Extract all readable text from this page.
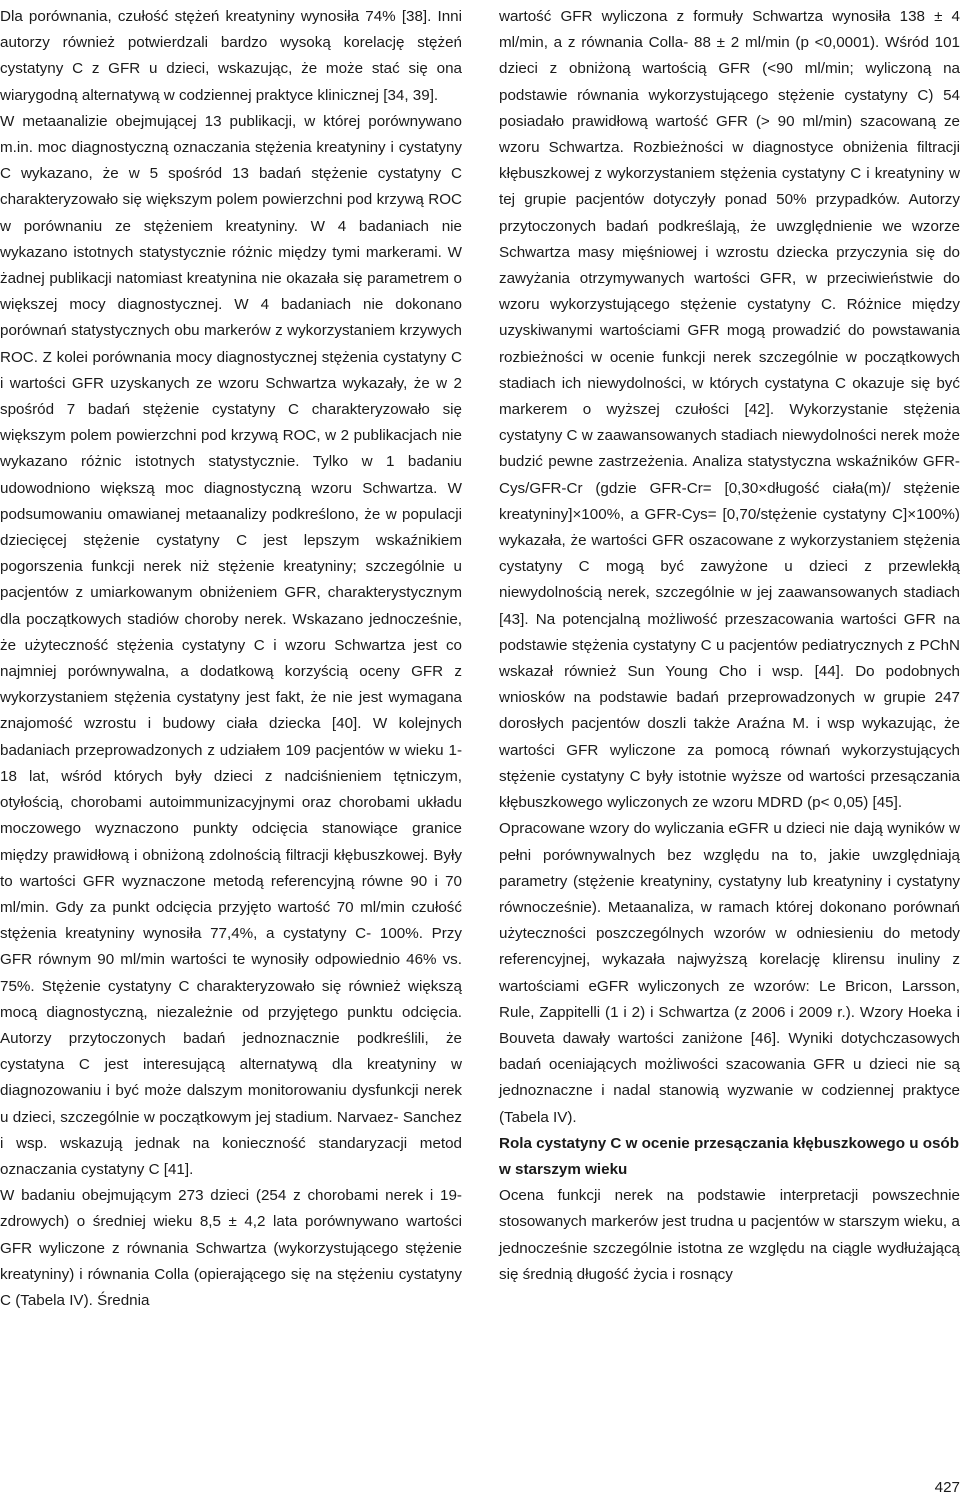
Dla porównania, czułość stężeń kreatyniny wynosiła 74% [38]. Inni autorzy również potwierdzali bardzo wysoką korelację stężeń cystatyny C z GFR u dzieci, wskazując, że może stać się ona wiarygodną alternatywą w codziennej praktyce klinicznej [34, 39].

W metaanalizie obejmującej 13 publikacji, w której porównywano m.in. moc diagnostyczną oznaczania stężenia kreatyniny i cystatyny C wykazano, że w 5 spośród 13 badań stężenie cystatyny C charakteryzowało się większym polem powierzchni pod krzywą ROC w porównaniu ze stężeniem kreatyniny. W 4 badaniach nie wykazano istotnych statystycznie różnic między tymi markerami. W żadnej publikacji natomiast kreatynina nie okazała się parametrem o większej mocy diagnostycznej. W 4 badaniach nie dokonano porównań statystycznych obu markerów z wykorzystaniem krzywych ROC. Z kolei porównania mocy diagnostycznej stężenia cystatyny C i wartości GFR uzyskanych ze wzoru Schwartza wykazały, że w 2 spośród 7 badań stężenie cystatyny C charakteryzowało się większym polem powierzchni pod krzywą ROC, w 2 publikacjach nie wykazano różnic istotnych statystycznie. Tylko w 1 badaniu udowodniono większą moc diagnostyczną wzoru Schwartza. W podsumowaniu omawianej metaanalizy podkreślono, że w populacji dziecięcej stężenie cystatyny C jest lepszym wskaźnikiem pogorszenia funkcji nerek niż stężenie kreatyniny; szczególnie u pacjentów z umiarkowanym obniżeniem GFR, charakterystycznym dla początkowych stadiów choroby nerek. Wskazano jednocześnie, że użyteczność stężenia cystatyny C i wzoru Schwartza jest co najmniej porównywalna, a dodatkową korzyścią oceny GFR z wykorzystaniem stężenia cystatyny jest fakt, że nie jest wymagana znajomość wzrostu i budowy ciała dziecka [40]. W kolejnych badaniach przeprowadzonych z udziałem 109 pacjentów w wieku 1- 18 lat, wśród których były dzieci z nadciśnieniem tętniczym, otyłością, chorobami autoimmunizacyjnymi oraz chorobami układu moczowego wyznaczono punkty odcięcia stanowiące granice między prawidłową i obniżoną zdolnością filtracji kłębuszkowej. Były to wartości GFR wyznaczone metodą referencyjną równe 90 i 70 ml/min. Gdy za punkt odcięcia przyjęto wartość 70 ml/min czułość stężenia kreatyniny wynosiła 77,4%, a cystatyny C- 100%. Przy GFR równym 90 ml/min wartości te wynosiły odpowiednio 46% vs. 75%. Stężenie cystatyny C charakteryzowało się również większą mocą diagnostyczną, niezależnie od przyjętego punktu odcięcia. Autorzy przytoczonych badań jednoznacznie podkreślili, że cystatyna C jest interesującą alternatywą dla kreatyniny w diagnozowaniu i być może dalszym monitorowaniu dysfunkcji nerek u dzieci, szczególnie w początkowym jej stadium. Narvaez- Sanchez i wsp. wskazują jednak na konieczność standaryzacji metod oznaczania cystatyny C [41].

W badaniu obejmującym 273 dzieci (254 z chorobami nerek i 19- zdrowych) o średniej wieku 8,5 ± 4,2 lata porównywano wartości GFR wyliczone z równania Schwartza (wykorzystującego stężenie kreatyniny) i równania Colla (opierającego się na stężeniu cystatyny C (Tabela IV). Średnia

wartość GFR wyliczona z formuły Schwartza wynosiła 138 ± 4 ml/min, a z równania Colla- 88 ± 2 ml/min (p <0,0001). Wśród 101 dzieci z obniżoną wartością GFR (<90 ml/min; wyliczoną na podstawie równania wykorzystującego stężenie cystatyny C) 54 posiadało prawidłową wartość GFR (> 90 ml/min) szacowaną ze wzoru Schwartza. Rozbieżności w diagnostyce obniżenia filtracji kłębuszkowej z wykorzystaniem stężenia cystatyny C i kreatyniny w tej grupie pacjentów dotyczyły ponad 50% przypadków. Autorzy przytoczonych badań podkreślają, że uwzględnienie we wzorze Schwartza masy mięśniowej i wzrostu dziecka przyczynia się do zawyżania otrzymywanych wartości GFR, w przeciwieństwie do wzoru wykorzystującego stężenie cystatyny C. Różnice między uzyskiwanymi wartościami GFR mogą prowadzić do powstawania rozbieżności w ocenie funkcji nerek szczególnie w początkowych stadiach ich niewydolności, w których cystatyna C okazuje się być markerem o wyższej czułości [42]. Wykorzystanie stężenia cystatyny C w zaawansowanych stadiach niewydolności nerek może budzić pewne zastrzeżenia. Analiza statystyczna wskaźników GFR-Cys/GFR-Cr (gdzie GFR-Cr= [0,30×długość ciała(m)/ stężenie kreatyniny]×100%, a GFR-Cys= [0,70/stężenie cystatyny C]×100%) wykazała, że wartości GFR oszacowane z wykorzystaniem stężenia cystatyny C mogą być zawyżone u dzieci z przewlekłą niewydolnością nerek, szczególnie w jej zaawansowanych stadiach [43]. Na potencjalną możliwość przeszacowania wartości GFR na podstawie stężenia cystatyny C u pacjentów pediatrycznych z PChN wskazał również Sun Young Cho i wsp. [44]. Do podobnych wniosków na podstawie badań przeprowadzonych w grupie 247 dorosłych pacjentów doszli także Araźna M. i wsp wykazując, że wartości GFR wyliczone za pomocą równań wykorzystujących stężenie cystatyny C były istotnie wyższe od wartości przesączania kłębuszkowego wyliczonych ze wzoru MDRD (p< 0,05) [45].

Opracowane wzory do wyliczania eGFR u dzieci nie dają wyników w pełni porównywalnych bez względu na to, jakie uwzględniają parametry (stężenie kreatyniny, cystatyny lub kreatyniny i cystatyny równocześnie). Metaanaliza, w ramach której dokonano porównań użyteczności poszczególnych wzorów w odniesieniu do metody referencyjnej, wykazała najwyższą korelację klirensu inuliny z wartościami eGFR wyliczonych ze wzorów: Le Bricon, Larsson, Rule, Zappitelli (1 i 2) i Schwartza (z 2006 i 2009 r.). Wzory Hoeka i Bouveta dawały wartości zaniżone [46]. Wyniki dotychczasowych badań oceniających możliwości szacowania GFR u dzieci nie są jednoznaczne i nadal stanowią wyzwanie w codziennej praktyce (Tabela IV).

Rola cystatyny C w ocenie przesączania kłębuszkowego u osób w starszym wieku

Ocena funkcji nerek na podstawie interpretacji powszechnie stosowanych markerów jest trudna u pacjentów w starszym wieku, a jednocześnie szczególnie istotna ze względu na ciągle wydłużającą się średnią długość życia i rosnący

427
